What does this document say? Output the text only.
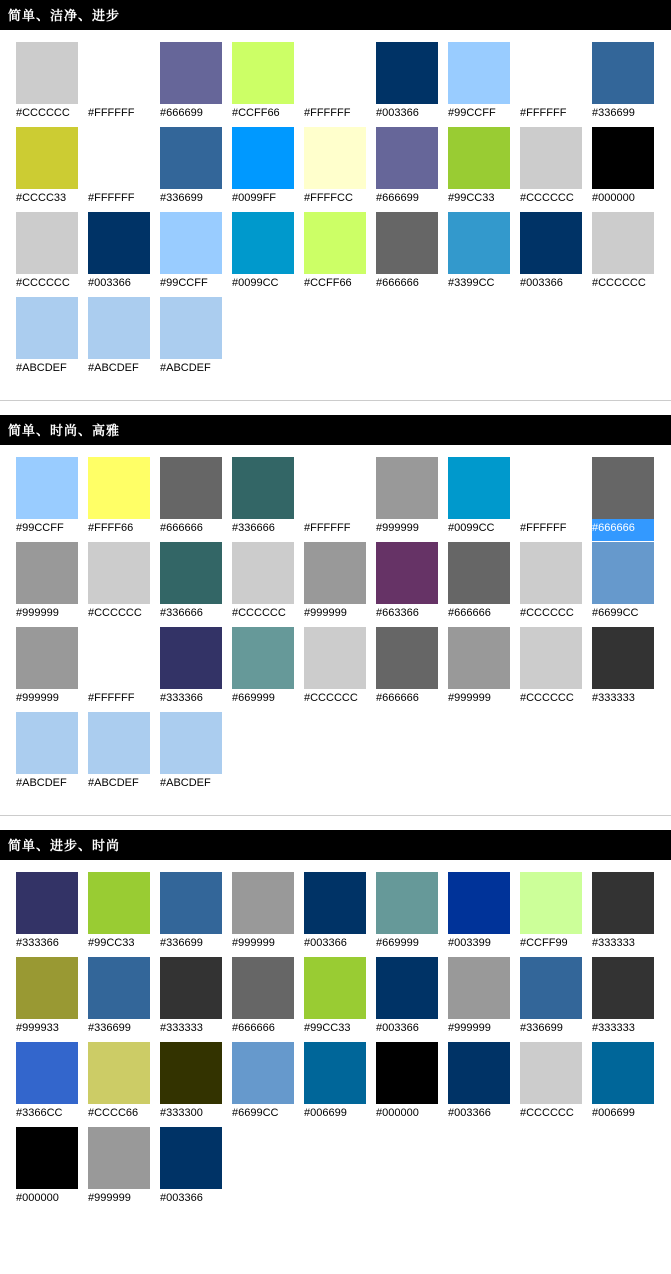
简单、洁净、进步
#CCCCCC	#FFFFFF	#666699
#CCCC33	#FFFFFF	#336699
#CCCCCC	#003366	#99CCFF
#ABCDEF	#ABCDEF	#ABCDEF
#CCFF66	#FFFFFF	#003366
#0099FF	#FFFFCC	#666699
#0099CC	#CCFF66	#666666
#99CCFF	#FFFFFF	#336699
#99CC33	#CCCCCC	#000000
#3399CC	#003366	#CCCCCC
简单、时尚、高雅
#99CCFF	#FFFF66	#666666
#999999	#CCCCCC	#336666
#999999	#FFFFFF	#333366
#ABCDEF	#ABCDEF	#ABCDEF
#336666	#FFFFFF	#999999
#CCCCCC	#999999	#663366
#669999	#CCCCCC	#666666
#0099CC	#FFFFFF	#666666
#666666	#CCCCCC	#6699CC
#999999	#CCCCCC	#333333
简单、进步、时尚
#333366	#99CC33	#336699
#999933	#336699	#333333
#3366CC	#CCCC66	#333300
#000000	#999999	#003366
#999999	#003366	#669999
#666666	#99CC33	#003366
#6699CC	#006699	#000000
#003399	#CCFF99	#333333
#999999	#336699	#333333
#003366	#CCCCCC	#006699
